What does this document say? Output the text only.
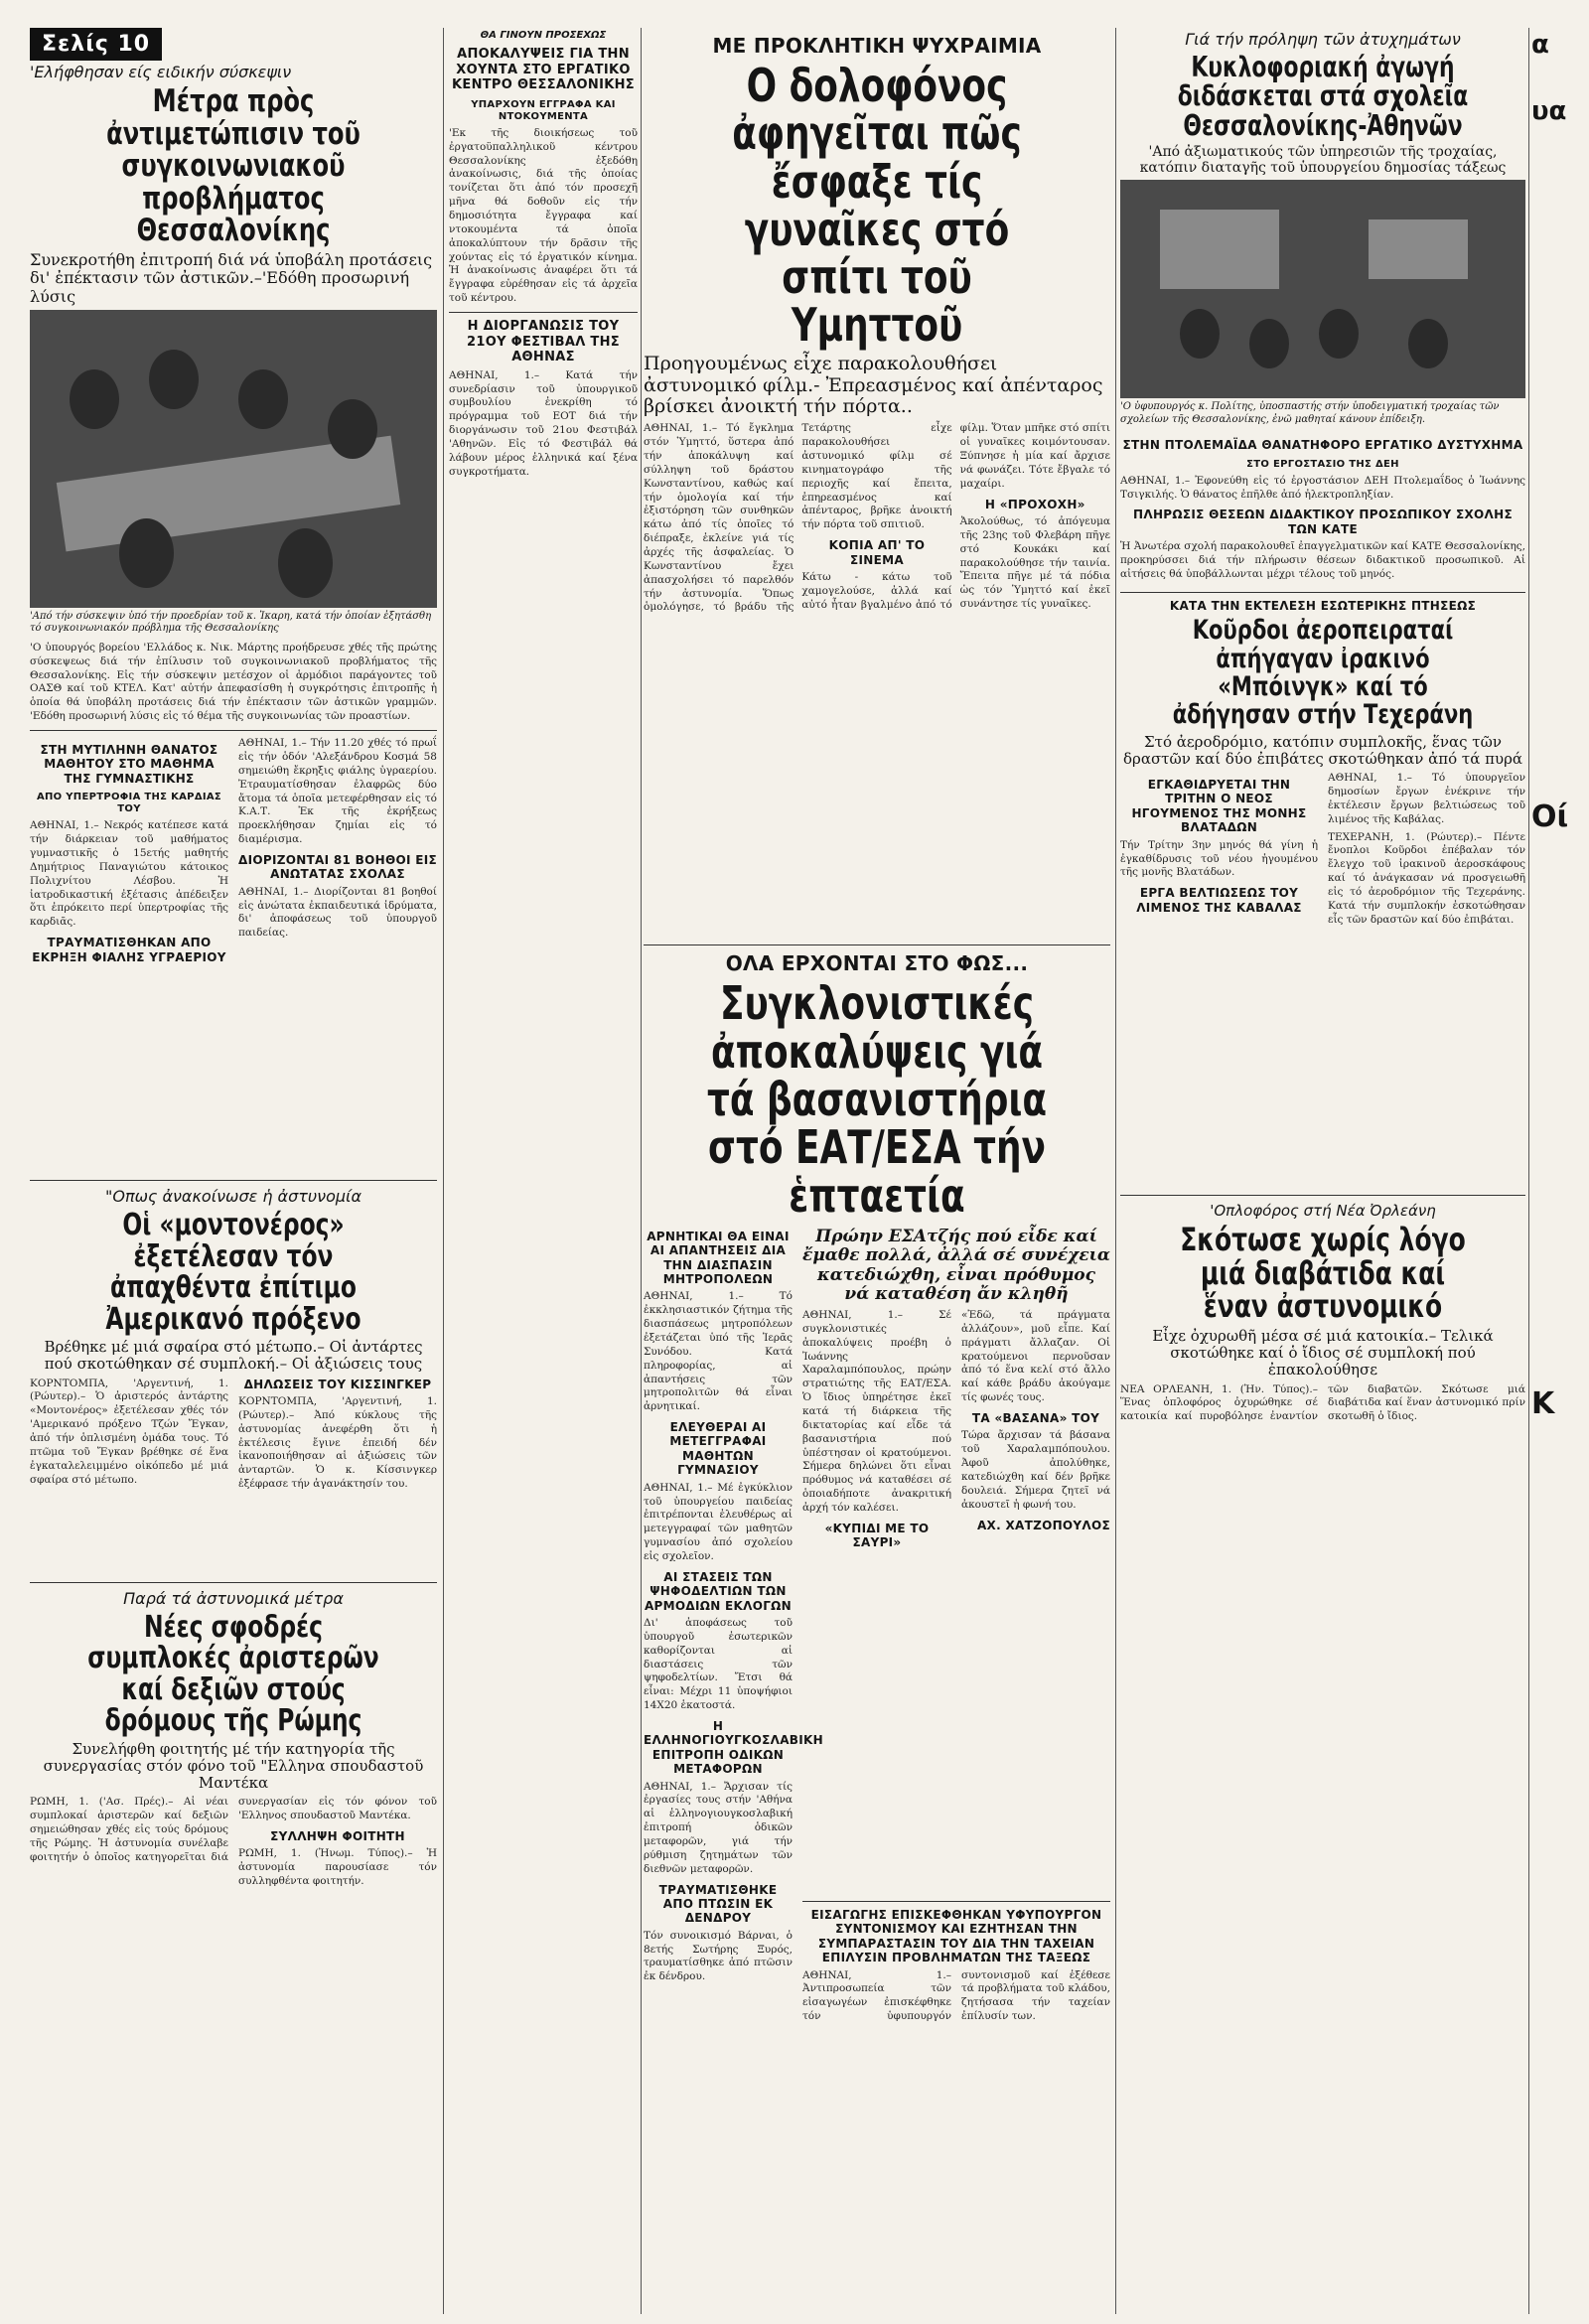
Σελίς 10
'Ελήφθησαν είς ειδικήν σύσκεψιν
Μέτρα πρὸς ἀντιμετώπισιν τοῦ συγκοινωνιακοῦ προβλήματος Θεσσαλονίκης
Συνεκροτήθη ἐπιτροπή διά νά ὑποβάλη προτάσεις δι' ἐπέκτασιν τῶν ἀστικῶν.–'Εδόθη προσωρινή λύσις
'Από τήν σύσκεψιν ὑπό τήν προεδρίαν τοῦ κ. Ἰκαρη, κατά τήν ὁποίαν ἐξητάσθη τό συγκοινωνιακόν πρόβλημα τῆς Θεσσαλονίκης
'Ο ὑπουργός βορείου 'Ελλάδος κ. Νικ. Μάρτης προήδρευσε χθές τῆς πρώτης σύσκεψεως διά τήν ἐπίλυσιν τοῦ συγκοινωνιακοῦ προβλήματος τῆς Θεσσαλονίκης. Εἰς τήν σύσκεψιν μετέσχον οἱ ἁρμόδιοι παράγοντες τοῦ ΟΑΣΘ καί τοῦ ΚΤΕΛ. Κατ' αὐτήν ἀπεφασίσθη ἡ συγκρότησις ἐπιτροπῆς ἡ ὁποία θά ὑποβάλη προτάσεις διά τήν ἐπέκτασιν τῶν ἀστικῶν γραμμῶν. 'Εδόθη προσωρινή λύσις εἰς τό θέμα τῆς συγκοινωνίας τῶν προαστίων.
ΣΤΗ ΜΥΤΙΛΗΝΗ ΘΑΝΑΤΟΣ ΜΑΘΗΤΟΥ ΣΤΟ ΜΑΘΗΜΑ ΤΗΣ ΓΥΜΝΑΣΤΙΚΗΣ
ΑΠΟ ΥΠΕΡΤΡΟΦΙΑ ΤΗΣ ΚΑΡΔΙΑΣ ΤΟΥ
ΑΘΗΝΑΙ, 1.– Νεκρός κατέπεσε κατά τήν διάρκειαν τοῦ μαθήματος γυμναστικῆς ὁ 15ετής μαθητής Δημήτριος Παναγιώτου κάτοικος Πολιχνίτου Λέσβου. Ἡ ἰατροδικαστική ἐξέτασις ἀπέδειξεν ὅτι ἐπρόκειτο περί ὑπερτροφίας τῆς καρδιᾶς.
ΤΡΑΥΜΑΤΙΣΘΗΚΑΝ ΑΠΟ ΕΚΡΗΞΗ ΦΙΑΛΗΣ ΥΓΡΑΕΡΙΟΥ
ΑΘΗΝΑΙ, 1.– Τήν 11.20 χθές τό πρωΐ εἰς τήν ὁδόν 'Αλεξάνδρου Κοσμά 58 σημειώθη ἔκρηξις φιάλης ὑγραερίου. Ἐτραυματίσθησαν ἐλαφρῶς δύο ἄτομα τά ὁποῖα μετεφέρθησαν εἰς τό Κ.Α.Τ. Ἐκ τῆς ἐκρήξεως προεκλήθησαν ζημίαι εἰς τό διαμέρισμα.
ΔΙΟΡΙΖΟΝΤΑΙ 81 ΒΟΗΘΟΙ ΕΙΣ ΑΝΩΤΑΤΑΣ ΣΧΟΛΑΣ
ΑΘΗΝΑΙ, 1.– Διορίζονται 81 βοηθοί εἰς ἀνώτατα ἐκπαιδευτικά ἱδρύματα, δι' ἀποφάσεως τοῦ ὑπουργοῦ παιδείας.
"Οπως ἀνακοίνωσε ἡ ἀστυνομία
Οἱ «μοντονέρος» ἐξετέλεσαν τόν ἀπαχθέντα ἐπίτιμο Ἀμερικανό πρόξενο
Βρέθηκε μέ μιά σφαίρα στό μέτωπο.– Οἱ ἀντάρτες πού σκοτώθηκαν σέ συμπλοκή.– Οἱ ἀξιώσεις τους
ΚΟΡΝΤΟΜΠΑ, 'Αργεντινή, 1. (Ρώυτερ).– Ὁ ἀριστερός ἀντάρτης «Μοντονέρος» ἐξετέλεσαν χθές τόν 'Αμερικανό πρόξενο Τζών Ἔγκαν, ἀπό τήν ὁπλισμένη ὁμάδα τους. Τό πτῶμα τοῦ Ἔγκαν βρέθηκε σέ ἕνα ἐγκαταλελειμμένο οἰκόπεδο μέ μιά σφαίρα στό μέτωπο.
ΔΗΛΩΣΕΙΣ ΤΟΥ ΚΙΣΣΙΝΓΚΕΡ
ΚΟΡΝΤΟΜΠΑ, 'Αργεντινή, 1. (Ρώυτερ).– Ἀπό κύκλους τῆς ἀστυνομίας ἀνεφέρθη ὅτι ἡ ἐκτέλεσις ἔγινε ἐπειδή δέν ἱκανοποιήθησαν αἱ ἀξιώσεις τῶν ἀνταρτῶν. Ὁ κ. Κίσσινγκερ ἐξέφρασε τήν ἀγανάκτησίν του.
Παρά τά ἀστυνομικά μέτρα
Νέες σφοδρές συμπλοκές ἀριστερῶν καί δεξιῶν στούς δρόμους τῆς Ρώμης
Συνελήφθη φοιτητής μέ τήν κατηγορία τῆς συνεργασίας στόν φόνο τοῦ "Ελληνα σπουδαστοῦ Μαντέκα
ΡΩΜΗ, 1. ('Ασ. Πρές).– Αἱ νέαι συμπλοκαί ἀριστερῶν καί δεξιῶν σημειώθησαν χθές εἰς τούς δρόμους τῆς Ρώμης. Ἡ ἀστυνομία συνέλαβε φοιτητήν ὁ ὁποῖος κατηγορεῖται διά συνεργασίαν εἰς τόν φόνον τοῦ 'Ελληνος σπουδαστοῦ Μαντέκα.
ΣΥΛΛΗΨΗ ΦΟΙΤΗΤΗ
ΡΩΜΗ, 1. (Ἠνωμ. Τύπος).– Ἡ ἀστυνομία παρουσίασε τόν συλληφθέντα φοιτητήν.
ΘΑ ΓΙΝΟΥΝ ΠΡΟΣΕΧΩΣ
ΑΠΟΚΑΛΥΨΕΙΣ ΓΙΑ ΤΗΝ ΧΟΥΝΤΑ ΣΤΟ ΕΡΓΑΤΙΚΟ ΚΕΝΤΡΟ ΘΕΣΣΑΛΟΝΙΚΗΣ
ΥΠΑΡΧΟΥΝ ΕΓΓΡΑΦΑ ΚΑΙ ΝΤΟΚΟΥΜΕΝΤΑ
'Εκ τῆς διοικήσεως τοῦ ἐργατοϋπαλληλικοῦ κέντρου Θεσσαλονίκης ἐξεδόθη ἀνακοίνωσις, διά τῆς ὁποίας τονίζεται ὅτι ἀπό τόν προσεχῆ μῆνα θά δοθοῦν εἰς τήν δημοσιότητα ἔγγραφα καί ντοκουμέντα τά ὁποῖα ἀποκαλύπτουν τήν δρᾶσιν τῆς χούντας εἰς τό ἐργατικόν κίνημα. Ἡ ἀνακοίνωσις ἀναφέρει ὅτι τά ἔγγραφα εὑρέθησαν εἰς τά ἀρχεῖα τοῦ κέντρου.
Η ΔΙΟΡΓΑΝΩΣΙΣ ΤΟΥ 21ΟΥ ΦΕΣΤΙΒΑΛ ΤΗΣ ΑΘΗΝΑΣ
ΑΘΗΝΑΙ, 1.– Κατά τήν συνεδρίασιν τοῦ ὑπουργικοῦ συμβουλίου ἐνεκρίθη τό πρόγραμμα τοῦ ΕΟΤ διά τήν διοργάνωσιν τοῦ 21ου Φεστιβάλ 'Αθηνῶν. Εἰς τό Φεστιβάλ θά λάβουν μέρος ἑλληνικά καί ξένα συγκροτήματα.
ΜΕ ΠΡΟΚΛΗΤΙΚΗ ΨΥΧΡΑΙΜΙΑ
Ο δολοφόνος ἀφηγεῖται πῶς ἔσφαξε τίς γυναῖκες στό σπίτι τοῦ Υμηττοῦ
Προηγουμένως εἶχε παρακολουθήσει ἀστυνομικό φίλμ.- Ἐπρεασμένος καί ἀπένταρος βρίσκει ἀνοικτή τήν πόρτα..
ΑΘΗΝΑΙ, 1.– Τό ἔγκλημα στόν Ὑμηττό, ὕστερα ἀπό τήν ἀποκάλυψη καί σύλληψη τοῦ δράστου Κωνσταντίνου, καθώς καί τήν ὁμολογία καί τήν ἐξιστόρηση τῶν συνθηκῶν κάτω ἀπό τίς ὁποῖες τό διέπραξε, ἐκλείνε γιά τίς ἀρχές τῆς ἀσφαλείας. Ὁ Κωνσταντίνου ἔχει ἀπασχολήσει τό παρελθόν τήν ἀστυνομία. Ὅπως ὁμολόγησε, τό βράδυ τῆς Τετάρτης εἶχε παρακολουθήσει ἀστυνομικό φίλμ σέ κινηματογράφο τῆς περιοχῆς καί ἔπειτα, ἐπηρεασμένος καί ἀπένταρος, βρῆκε ἀνοικτή τήν πόρτα τοῦ σπιτιοῦ.
ΚΟΠΙΑ ΑΠ' ΤΟ ΣΙΝΕΜΑ
Κάτω - κάτω τοῦ χαμογελούσε, ἀλλά καί αὐτό ἦταν βγαλμένο ἀπό τό φίλμ. Ὅταν μπῆκε στό σπίτι οἱ γυναῖκες κοιμόντουσαν. Ξύπνησε ἡ μία καί ἄρχισε νά φωνάζει. Τότε ἔβγαλε τό μαχαίρι.
Η «ΠΡΟΧΟΧΗ»
Ἀκολούθως, τό ἀπόγευμα τῆς 23ης τοῦ Φλεβάρη πῆγε στό Κουκάκι καί παρακολούθησε τήν ταινία. Ἔπειτα πῆγε μέ τά πόδια ὡς τόν Ὑμηττό καί ἐκεῖ συνάντησε τίς γυναῖκες.
ΟΛΑ ΕΡΧΟΝΤΑΙ ΣΤΟ ΦΩΣ...
Συγκλονιστικές ἀποκαλύψεις γιά τά βασανιστήρια στό ΕΑΤ/ΕΣΑ τήν ἑπταετία
ΑΡΝΗΤΙΚΑΙ ΘΑ ΕΙΝΑΙ ΑΙ ΑΠΑΝΤΗΣΕΙΣ ΔΙΑ ΤΗΝ ΔΙΑΣΠΑΣΙΝ ΜΗΤΡΟΠΟΛΕΩΝ
ΑΘΗΝΑΙ, 1.– Τό ἐκκλησιαστικόν ζήτημα τῆς διασπάσεως μητροπόλεων ἐξετάζεται ὑπό τῆς Ἱερᾶς Συνόδου. Κατά πληροφορίας, αἱ ἀπαντήσεις τῶν μητροπολιτῶν θά εἶναι ἀρνητικαί.
ΕΛΕΥΘΕΡΑΙ ΑΙ ΜΕΤΕΓΓΡΑΦΑΙ ΜΑΘΗΤΩΝ ΓΥΜΝΑΣΙΟΥ
ΑΘΗΝΑΙ, 1.– Μέ ἐγκύκλιον τοῦ ὑπουργείου παιδείας ἐπιτρέπονται ἐλευθέρως αἱ μετεγγραφαί τῶν μαθητῶν γυμνασίου ἀπό σχολείου εἰς σχολεῖον.
ΑΙ ΣΤΑΣΕΙΣ ΤΩΝ ΨΗΦΟΔΕΛΤΙΩΝ ΤΩΝ ΑΡΜΟΔΙΩΝ ΕΚΛΟΓΩΝ
Δι' ἀποφάσεως τοῦ ὑπουργοῦ ἐσωτερικῶν καθορίζονται αἱ διαστάσεις τῶν ψηφοδελτίων. Ἔτσι θά εἶναι: Μέχρι 11 ὑποψήφιοι 14Χ20 ἑκατοστά.
Η ΕΛΛΗΝΟΓΙΟΥΓΚΟΣΛΑΒΙΚΗ ΕΠΙΤΡΟΠΗ ΟΔΙΚΩΝ ΜΕΤΑΦΟΡΩΝ
ΑΘΗΝΑΙ, 1.– Ἄρχισαν τίς ἐργασίες τους στήν 'Αθήνα αἱ ἑλληνογιουγκοσλαβική ἐπιτροπή ὁδικῶν μεταφορῶν, γιά τήν ρύθμιση ζητημάτων τῶν διεθνῶν μεταφορῶν.
ΤΡΑΥΜΑΤΙΣΘΗΚΕ ΑΠΟ ΠΤΩΣΙΝ ΕΚ ΔΕΝΔΡΟΥ
Τόν συνοικισμό Βάρναι, ὁ 8ετής Σωτήρης Ξυρός, τραυματίσθηκε ἀπό πτῶσιν ἐκ δένδρου.
Πρώην ΕΣΑτζής πού εἶδε καί ἔμαθε πολλά, ἀλλά σέ συνέχεια κατεδιώχθη, εἶναι πρόθυμος νά καταθέση ἄν κληθῆ
ΑΘΗΝΑΙ, 1.– Σέ συγκλονιστικές ἀποκαλύψεις προέβη ὁ Ἰωάννης Χαραλαμπόπουλος, πρώην στρατιώτης τῆς ΕΑΤ/ΕΣΑ. Ὁ ἴδιος ὑπηρέτησε ἐκεῖ κατά τή διάρκεια τῆς δικτατορίας καί εἶδε τά βασανιστήρια πού ὑπέστησαν οἱ κρατούμενοι. Σήμερα δηλώνει ὅτι εἶναι πρόθυμος νά καταθέσει σέ ὁποιαδήποτε ἀνακριτική ἀρχή τόν καλέσει.
«ΚΥΠΙΔΙ ΜΕ ΤΟ ΣΑΥΡΙ»
«Ἐδῶ, τά πράγματα ἀλλάζουν», μοῦ εἶπε. Καί πράγματι ἄλλαζαν. Οἱ κρατούμενοι περνοῦσαν ἀπό τό ἕνα κελί στό ἄλλο καί κάθε βράδυ ἀκούγαμε τίς φωνές τους.
ΤΑ «ΒΑΣΑΝΑ» ΤΟΥ
Τώρα ἄρχισαν τά βάσανα τοῦ Χαραλαμπόπουλου. Ἀφοῦ ἀπολύθηκε, κατεδιώχθη καί δέν βρῆκε δουλειά. Σήμερα ζητεῖ νά ἀκουστεῖ ἡ φωνή του.
ΑΧ. ΧΑΤΖΟΠΟΥΛΟΣ
ΕΙΣΑΓΩΓΗΣ ΕΠΙΣΚΕΦΘΗΚΑΝ ΥΦΥΠΟΥΡΓΟΝ ΣΥΝΤΟΝΙΣΜΟΥ ΚΑΙ ΕΖΗΤΗΣΑΝ ΤΗΝ ΣΥΜΠΑΡΑΣΤΑΣΙΝ ΤΟΥ ΔΙΑ ΤΗΝ ΤΑΧΕΙΑΝ ΕΠΙΛΥΣΙΝ ΠΡΟΒΛΗΜΑΤΩΝ ΤΗΣ ΤΑΞΕΩΣ
ΑΘΗΝΑΙ, 1.– Ἀντιπροσωπεία τῶν εἰσαγωγέων ἐπισκέφθηκε τόν ὑφυπουργόν συντονισμοῦ καί ἐξέθεσε τά προβλήματα τοῦ κλάδου, ζητήσασα τήν ταχείαν ἐπίλυσίν των.
Γιά τήν πρόληψη τῶν ἀτυχημάτων
Κυκλοφοριακή ἀγωγή διδάσκεται στά σχολεῖα Θεσσαλονίκης-Ἀθηνῶν
'Από ἀξιωματικούς τῶν ὑπηρεσιῶν τῆς τροχαίας, κατόπιν διαταγῆς τοῦ ὑπουργείου δημοσίας τάξεως
'Ο ὑφυπουργός κ. Πολίτης, ὑποσπαστής στήν ὑποδειγματική τροχαίας τῶν σχολείων τῆς Θεσσαλονίκης, ἐνῶ μαθηταί κάνουν ἐπίδειξη.
ΣΤΗΝ ΠΤΟΛΕΜΑΪΔΑ ΘΑΝΑΤΗΦΟΡΟ ΕΡΓΑΤΙΚΟ ΔΥΣΤΥΧΗΜΑ
ΣΤΟ ΕΡΓΟΣΤΑΣΙΟ ΤΗΣ ΔΕΗ
ΑΘΗΝΑΙ, 1.– Ἐφονεύθη εἰς τό ἐργοστάσιον ΔΕΗ Πτολεμαΐδος ὁ Ἰωάννης Τσιγκιλής. Ὁ θάνατος ἐπῆλθε ἀπό ἠλεκτροπληξίαν.
ΠΛΗΡΩΣΙΣ ΘΕΣΕΩΝ ΔΙΔΑΚΤΙΚΟΥ ΠΡΟΣΩΠΙΚΟΥ ΣΧΟΛΗΣ ΤΩΝ ΚΑΤΕ
Ἡ Ἀνωτέρα σχολή παρακολουθεῖ ἐπαγγελματικῶν καί ΚΑΤΕ Θεσσαλονίκης, προκηρύσσει διά τήν πλήρωσιν θέσεων διδακτικοῦ προσωπικοῦ. Αἱ αἰτήσεις θά ὑποβάλλωνται μέχρι τέλους τοῦ μηνός.
ΚΑΤΑ ΤΗΝ ΕΚΤΕΛΕΣΗ ΕΣΩΤΕΡΙΚΗΣ ΠΤΗΣΕΩΣ
Κοῦρδοι ἀεροπειραταί ἀπήγαγαν ἰρακινό «Μπόινγκ» καί τό ἀδήγησαν στήν Τεχεράνη
Στό ἀεροδρόμιο, κατόπιν συμπλοκῆς, ἕνας τῶν δραστῶν καί δύο ἐπιβάτες σκοτώθηκαν ἀπό τά πυρά
ΕΓΚΑΘΙΔΡΥΕΤΑΙ ΤΗΝ ΤΡΙΤΗΝ Ο ΝΕΟΣ ΗΓΟΥΜΕΝΟΣ ΤΗΣ ΜΟΝΗΣ ΒΛΑΤΑΔΩΝ
Τήν Τρίτην 3ην μηνός θά γίνη ἡ ἐγκαθίδρυσις τοῦ νέου ἡγουμένου τῆς μονῆς Βλατάδων.
ΕΡΓΑ ΒΕΛΤΙΩΣΕΩΣ ΤΟΥ ΛΙΜΕΝΟΣ ΤΗΣ ΚΑΒΑΛΑΣ
ΑΘΗΝΑΙ, 1.– Τό ὑπουργεῖον δημοσίων ἔργων ἐνέκρινε τήν ἐκτέλεσιν ἔργων βελτιώσεως τοῦ λιμένος τῆς Καβάλας.
ΤΕΧΕΡΑΝΗ, 1. (Ρώυτερ).– Πέντε ἔνοπλοι Κοῦρδοι ἐπέβαλαν τόν ἔλεγχο τοῦ ἰρακινοῦ ἀεροσκάφους καί τό ἀνάγκασαν νά προσγειωθῆ εἰς τό ἀεροδρόμιον τῆς Τεχεράνης. Κατά τήν συμπλοκήν ἐσκοτώθησαν εἷς τῶν δραστῶν καί δύο ἐπιβάται.
'Οπλοφόρος στή Νέα Ὀρλεάνη
Σκότωσε χωρίς λόγο μιά διαβάτιδα καί ἕναν ἀστυνομικό
Εἶχε ὀχυρωθῆ μέσα σέ μιά κατοικία.– Τελικά σκοτώθηκε καί ὁ ἴδιος σέ συμπλοκή πού ἐπακολούθησε
ΝΕΑ ΟΡΛΕΑΝΗ, 1. (Ἠν. Τύπος).– Ἕνας ὁπλοφόρος ὀχυρώθηκε σέ κατοικία καί πυροβόλησε ἐναντίον τῶν διαβατῶν. Σκότωσε μιά διαβάτιδα καί ἕναν ἀστυνομικό πρίν σκοτωθῆ ὁ ἴδιος.
α
υα
Οί
Κ
